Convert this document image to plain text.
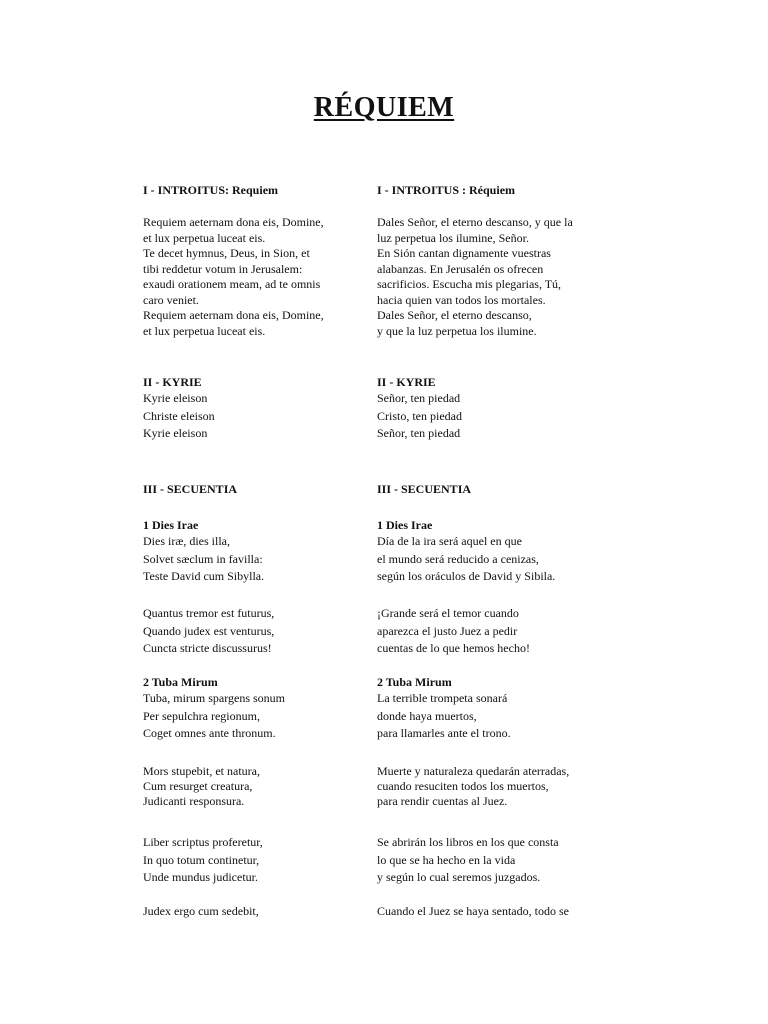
RÉQUIEM
I - INTROITUS: Requiem
Requiem aeternam dona eis, Domine,
et lux perpetua luceat eis.
Te decet hymnus, Deus, in Sion, et
tibi reddetur votum in Jerusalem:
exaudi orationem meam, ad te omnis
caro veniet.
Requiem aeternam dona eis, Domine,
et lux perpetua luceat eis.
II - KYRIE
Kyrie eleison
Christe eleison
Kyrie eleison
III - SECUENTIA
1 Dies Irae
Dies iræ, dies illa,
Solvet sæclum in favilla:
Teste David cum Sibylla.
Quantus tremor est futurus,
Quando judex est venturus,
Cuncta stricte discussurus!
2 Tuba Mirum
Tuba, mirum spargens sonum
Per sepulchra regionum,
Coget omnes ante thronum.
Mors stupebit, et natura,
Cum resurget creatura,
Judicanti responsura.
Liber scriptus proferetur,
In quo totum continetur,
Unde mundus judicetur.
Judex ergo cum sedebit,
I - INTROITUS : Réquiem
Dales Señor, el eterno descanso, y que la
luz perpetua los ilumine, Señor.
En Sión cantan dignamente vuestras
alabanzas. En Jerusalén os ofrecen
sacrificios. Escucha mis plegarias, Tú,
hacia quien van todos los mortales.
Dales Señor, el eterno descanso,
y que la luz perpetua los ilumine.
II - KYRIE
Señor, ten piedad
Cristo, ten piedad
Señor, ten piedad
III - SECUENTIA
1 Dies Irae
Día de la ira será aquel en que
el mundo será reducido a cenizas,
según los oráculos de David y Sibila.
¡Grande será el temor cuando
aparezca el justo Juez a pedir
cuentas de lo que hemos hecho!
2 Tuba Mirum
La terrible trompeta sonará
donde haya muertos,
para llamarles ante el trono.
Muerte y naturaleza quedarán aterradas,
cuando resuciten todos los muertos,
para rendir cuentas al Juez.
Se abrirán los libros en los que consta
lo que se ha hecho en la vida
y según lo cual seremos juzgados.
Cuando el Juez se haya sentado, todo se
